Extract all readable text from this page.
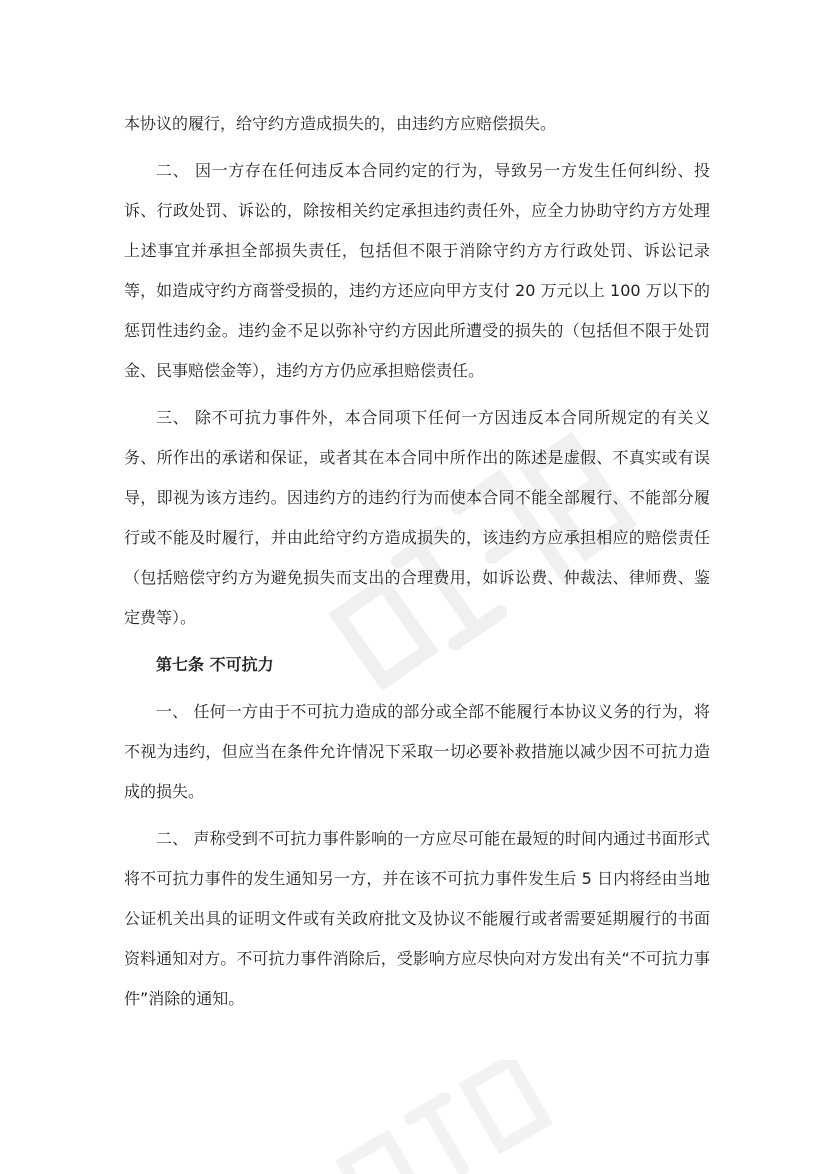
本协议的履行，给守约方造成损失的，由违约方应赔偿损失。

二、 因一方存在任何违反本合同约定的行为，导致另一方发生任何纠纷、投诉、行政处罚、诉讼的，除按相关约定承担违约责任外，应全力协助守约方方处理上述事宜并承担全部损失责任，包括但不限于消除守约方方行政处罚、诉讼记录等，如造成守约方商誉受损的，违约方还应向甲方支付 20 万元以上 100 万以下的惩罚性违约金。违约金不足以弥补守约方因此所遭受的损失的（包括但不限于处罚金、民事赔偿金等），违约方方仍应承担赔偿责任。

三、 除不可抗力事件外，本合同项下任何一方因违反本合同所规定的有关义务、所作出的承诺和保证，或者其在本合同中所作出的陈述是虚假、不真实或有误导，即视为该方违约。因违约方的违约行为而使本合同不能全部履行、不能部分履行或不能及时履行，并由此给守约方造成损失的，该违约方应承担相应的赔偿责任（包括赔偿守约方为避免损失而支出的合理费用，如诉讼费、仲裁法、律师费、鉴定费等）。

第七条 不可抗力

一、 任何一方由于不可抗力造成的部分或全部不能履行本协议义务的行为，将不视为违约，但应当在条件允许情况下采取一切必要补救措施以减少因不可抗力造成的损失。

二、 声称受到不可抗力事件影响的一方应尽可能在最短的时间内通过书面形式将不可抗力事件的发生通知另一方，并在该不可抗力事件发生后 5 日内将经由当地公证机关出具的证明文件或有关政府批文及协议不能履行或者需要延期履行的书面资料通知对方。不可抗力事件消除后，受影响方应尽快向对方发出有关“不可抗力事件”消除的通知。
